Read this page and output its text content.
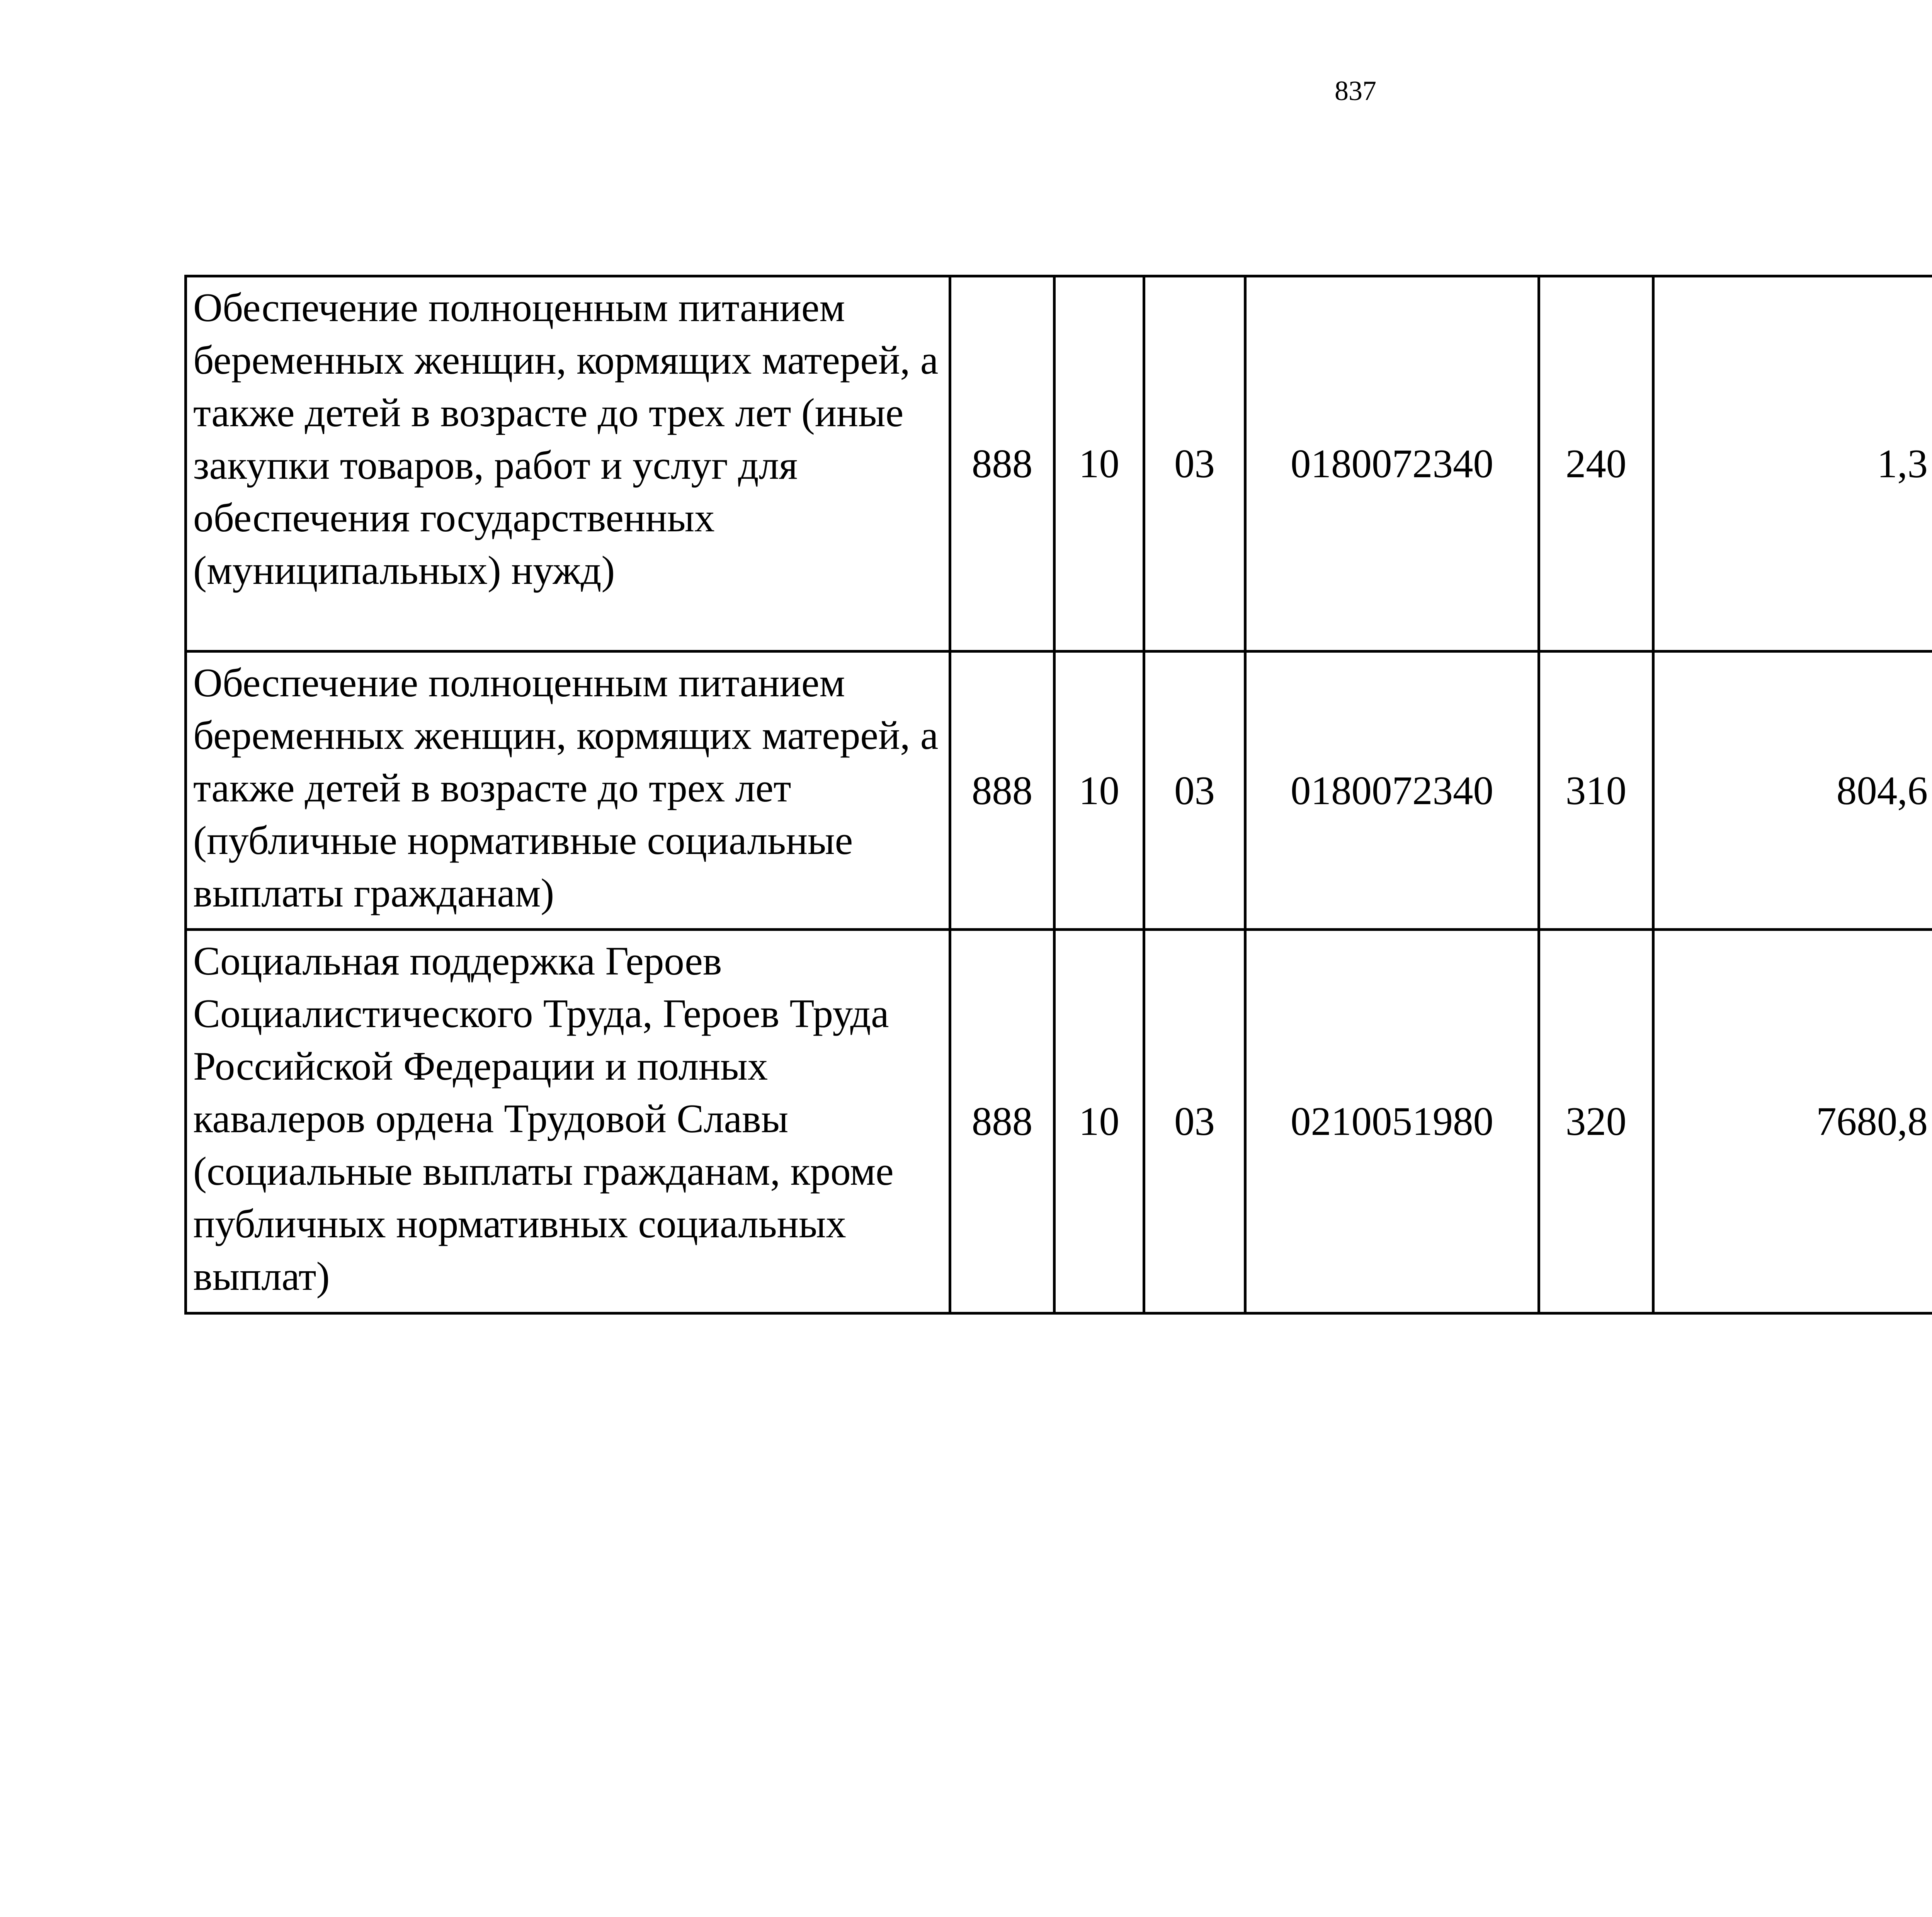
837
Обеспечение полноценным питанием беременных женщин, кормящих матерей, а также детей в возрасте до трех лет (иные закупки товаров, работ и услуг для обеспечения государственных (муниципальных) нужд)	888	10	03	0180072340	240	1,3		
Обеспечение полноценным питанием беременных женщин, кормящих матерей, а также детей в возрасте до трех лет (публичные нормативные социальные выплаты гражданам)	888	10	03	0180072340	310	804,6		
Социальная поддержка Героев Социалистического Труда, Героев Труда Российской Федерации и полных кавалеров ордена Трудовой Славы (социальные выплаты гражданам, кроме публичных нормативных социальных выплат)	888	10	03	0210051980	320	7680,8		
